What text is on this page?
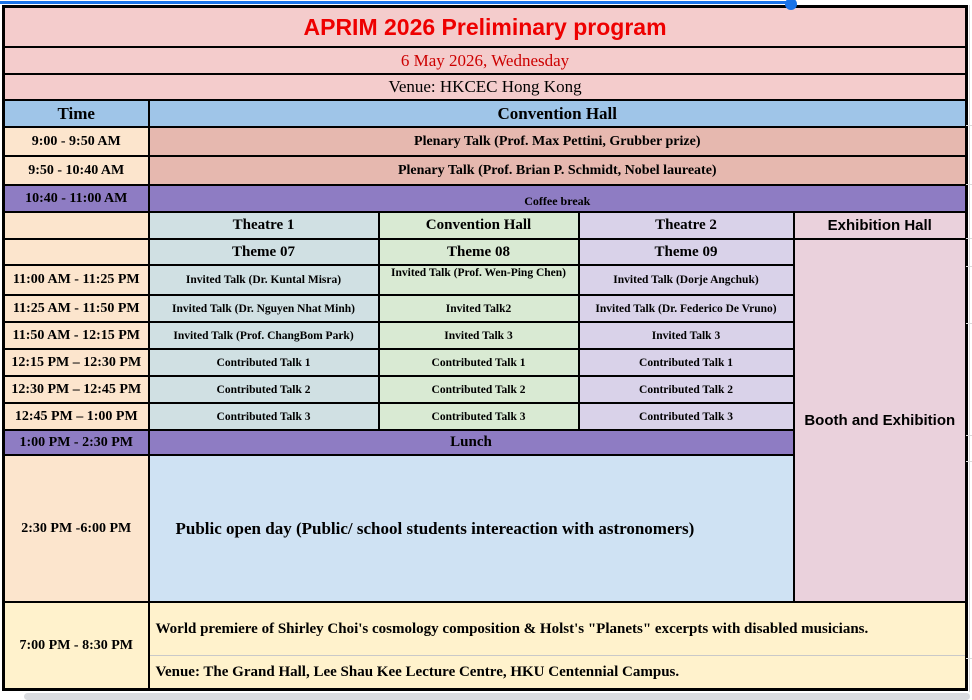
APRIM 2026 Preliminary program				
6 May 2026, Wednesday				
Venue: HKCEC Hong Kong				
Time	Convention Hall			
9:00 - 9:50 AM	Plenary Talk (Prof. Max Pettini, Grubber prize)			
9:50 - 10:40 AM	Plenary Talk (Prof. Brian P. Schmidt, Nobel laureate)			
10:40 - 11:00 AM	Coffee break			
	Theatre 1	Convention Hall	Theatre 2	Exhibition Hall
	Theme 07	Theme 08	Theme 09	Booth and Exhibition
11:00 AM - 11:25 PM	Invited Talk (Dr. Kuntal Misra)	Invited Talk (Prof. Wen-Ping Chen)	Invited Talk (Dorje Angchuk)	
11:25 AM - 11:50 PM	Invited Talk (Dr. Nguyen Nhat Minh)	Invited Talk2	Invited Talk (Dr. Federico De Vruno)	
11:50 AM - 12:15 PM	Invited Talk (Prof. ChangBom Park)	Invited Talk 3	Invited Talk 3	
12:15 PM – 12:30 PM	Contributed Talk 1	Contributed Talk 1	Contributed Talk 1	
12:30 PM – 12:45 PM	Contributed Talk 2	Contributed Talk 2	Contributed Talk 2	
12:45 PM – 1:00 PM	Contributed Talk 3	Contributed Talk 3	Contributed Talk 3	
1:00 PM - 2:30 PM	Lunch			
2:30 PM -6:00 PM	Public open day (Public/ school students intereaction with astronomers)			
7:00 PM - 8:30 PM	World premiere of Shirley Choi's cosmology composition & Holst's "Planets" excerpts with disabled musicians.			
	Venue: The Grand Hall, Lee Shau Kee Lecture Centre, HKU Centennial Campus.			
